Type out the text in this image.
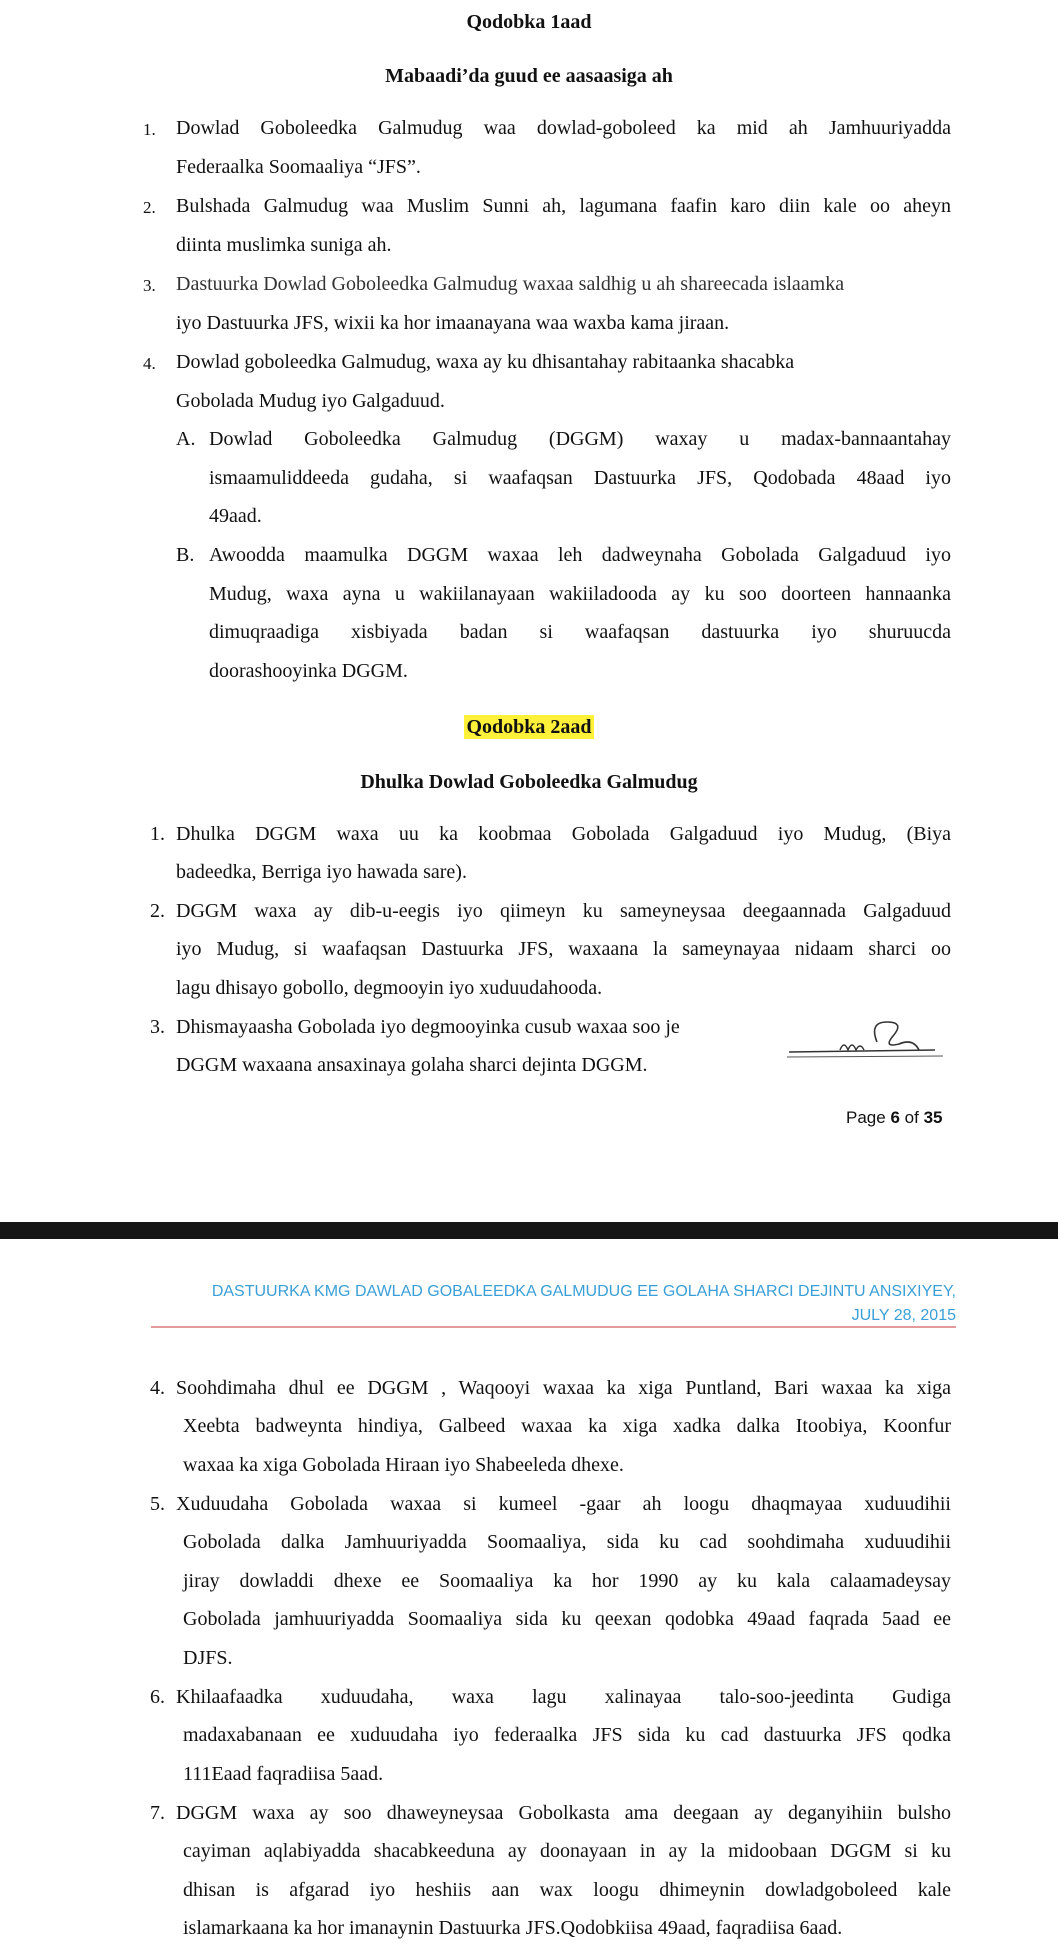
Qodobka 1aad
Mabaadi’da guud ee aasaasiga ah
1. Dowlad Goboleedka Galmudug waa dowlad-goboleed ka mid ah Jamhuuriyadda
Federaalka Soomaaliya “JFS”.
2. Bulshada Galmudug waa Muslim Sunni ah, lagumana faafin karo diin kale oo aheyn
diinta muslimka suniga ah.
3. Dastuurka Dowlad Goboleedka Galmudug waxaa saldhig u ah shareecada islaamka
iyo Dastuurka JFS, wixii ka hor imaanayana waa waxba kama jiraan.
4. Dowlad goboleedka Galmudug, waxa ay ku dhisantahay rabitaanka shacabka
Gobolada Mudug iyo Galgaduud.
A. Dowlad Goboleedka Galmudug (DGGM) waxay u madax-bannaantahay
ismaamuliddeeda gudaha, si waafaqsan Dastuurka JFS, Qodobada 48aad iyo
49aad.
B. Awoodda maamulka DGGM waxaa leh dadweynaha Gobolada Galgaduud iyo
Mudug, waxa ayna u wakiilanayaan wakiiladooda ay ku soo doorteen hannaanka
dimuqraadiga xisbiyada badan si waafaqsan dastuurka iyo shuruucda
doorashooyinka DGGM.
Qodobka 2aad
Dhulka Dowlad Goboleedka Galmudug
1. Dhulka DGGM waxa uu ka koobmaa Gobolada Galgaduud iyo Mudug, (Biya
badeedka, Berriga iyo hawada sare).
2. DGGM waxa ay dib-u-eegis iyo qiimeyn ku sameyneysaa deegaannada Galgaduud
iyo Mudug, si waafaqsan Dastuurka JFS, waxaana la sameynayaa nidaam sharci oo
lagu dhisayo gobollo, degmooyin iyo xuduudahooda.
3. Dhismayaasha Gobolada iyo degmooyinka cusub waxaa soo je
DGGM waxaana ansaxinaya golaha sharci dejinta DGGM.
Page 6 of 35
DASTUURKA KMG DAWLAD GOBALEEDKA GALMUDUG EE GOLAHA SHARCI DEJINTU ANSIXIYEY,
JULY 28, 2015
4. Soohdimaha dhul ee DGGM , Waqooyi waxaa ka xiga Puntland, Bari waxaa ka xiga
Xeebta badweynta hindiya, Galbeed waxaa ka xiga xadka dalka Itoobiya, Koonfur
waxaa ka xiga Gobolada Hiraan iyo Shabeeleda dhexe.
5. Xuduudaha Gobolada waxaa si kumeel -gaar ah loogu dhaqmayaa xuduudihii
Gobolada dalka Jamhuuriyadda Soomaaliya, sida ku cad soohdimaha xuduudihii
jiray dowladdi dhexe ee Soomaaliya ka hor 1990 ay ku kala calaamadeysay
Gobolada jamhuuriyadda Soomaaliya sida ku qeexan qodobka 49aad faqrada 5aad ee
DJFS.
6. Khilaafaadka xuduudaha, waxa lagu xalinayaa talo-soo-jeedinta Gudiga
madaxabanaan ee xuduudaha iyo federaalka JFS sida ku cad dastuurka JFS qodka
111Eaad faqradiisa 5aad.
7. DGGM waxa ay soo dhaweyneysaa Gobolkasta ama deegaan ay deganyihiin bulsho
cayiman aqlabiyadda shacabkeeduna ay doonayaan in ay la midoobaan DGGM si ku
dhisan is afgarad iyo heshiis aan wax loogu dhimeynin dowladgoboleed kale
islamarkaana ka hor imanaynin Dastuurka JFS.Qodobkiisa 49aad, faqradiisa 6aad.
